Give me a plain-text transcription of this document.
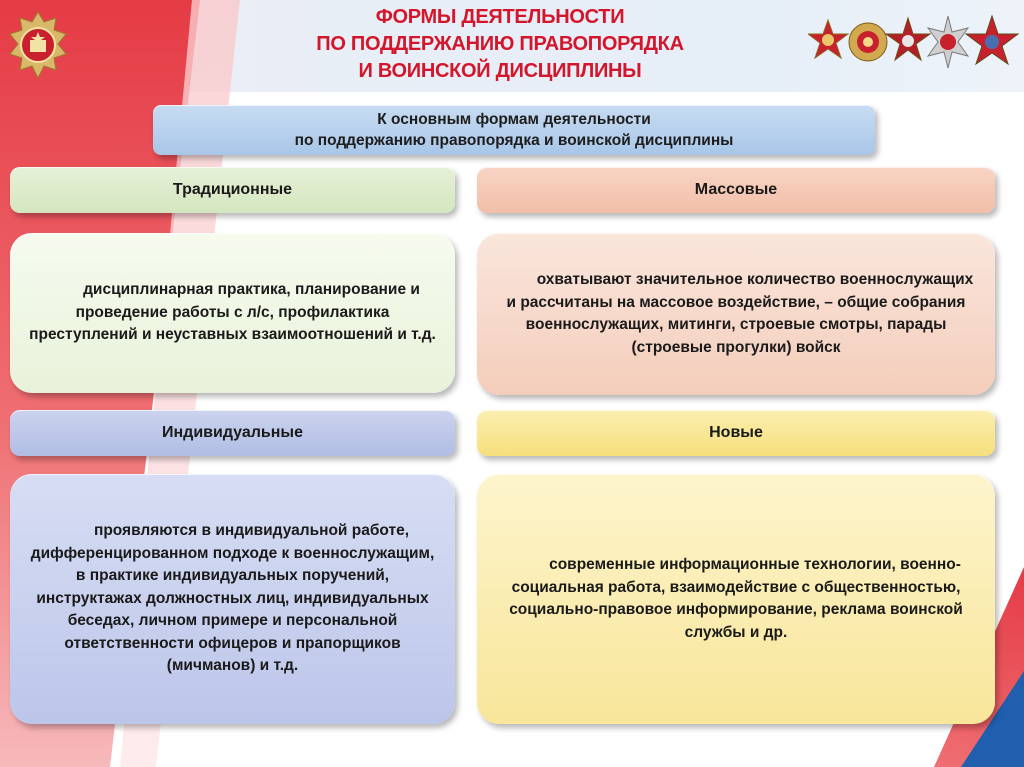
ФОРМЫ ДЕЯТЕЛЬНОСТИ
ПО ПОДДЕРЖАНИЮ ПРАВОПОРЯДКА
И ВОИНСКОЙ ДИСЦИПЛИНЫ
К основным формам деятельности
по поддержанию правопорядка и воинской дисциплины
Традиционные	Массовые

дисциплинарная практика, планирование и проведение работы с л/с, профилактика преступлений и неуставных взаимоотношений и т.д.

охватывают значительное количество военнослужащих и рассчитаны на массовое воздействие, – общие собрания военнослужащих, митинги, строевые смотры, парады (строевые прогулки) войск

Индивидуальные	Новые

проявляются в индивидуальной работе, дифференцированном подходе к военнослужащим, в практике индивидуальных поручений, инструктажах должностных лиц, индивидуальных беседах, личном примере и персональной ответственности офицеров и прапорщиков (мичманов) и т.д.

современные информационные технологии, военно-социальная работа, взаимодействие с общественностью, социально-правовое информирование, реклама воинской службы и др.
